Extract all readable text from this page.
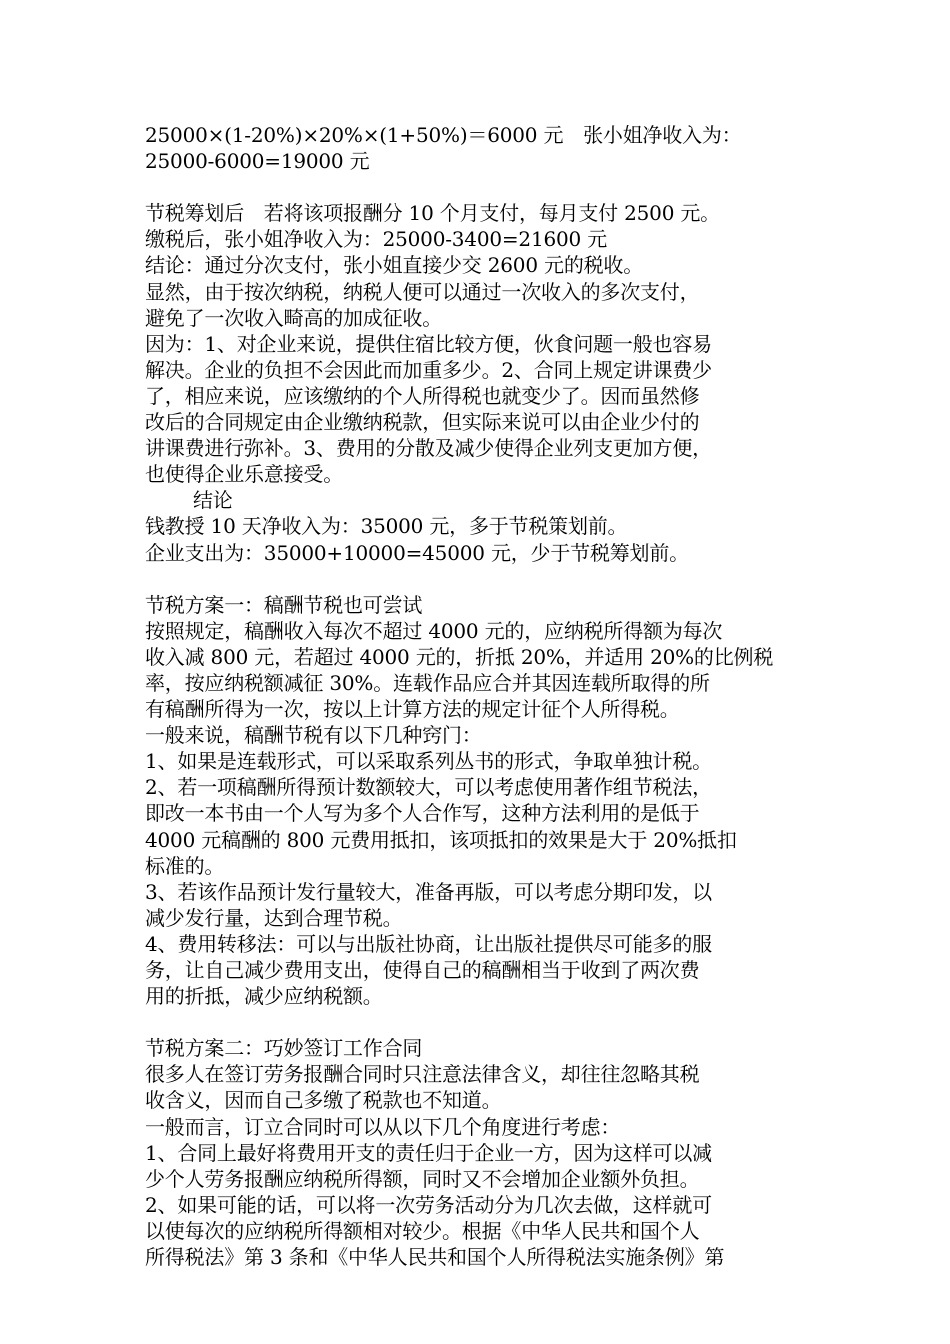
25000×(1-20%)×20%×(1+50%)＝6000 元　张小姐净收入为：
25000-6000=19000 元
节税筹划后　若将该项报酬分 10 个月支付，每月支付 2500 元。
缴税后，张小姐净收入为：25000-3400=21600 元
结论：通过分次支付，张小姐直接少交 2600 元的税收。
显然，由于按次纳税，纳税人便可以通过一次收入的多次支付，
避免了一次收入畸高的加成征收。
因为：1、对企业来说，提供住宿比较方便，伙食问题一般也容易
解决。企业的负担不会因此而加重多少。2、合同上规定讲课费少
了，相应来说，应该缴纳的个人所得税也就变少了。因而虽然修
改后的合同规定由企业缴纳税款，但实际来说可以由企业少付的
讲课费进行弥补。3、费用的分散及减少使得企业列支更加方便，
也使得企业乐意接受。
结论
钱教授 10 天净收入为：35000 元，多于节税策划前。
企业支出为：35000+10000=45000 元，少于节税筹划前。
节税方案一：稿酬节税也可尝试
按照规定，稿酬收入每次不超过 4000 元的，应纳税所得额为每次
收入减 800 元，若超过 4000 元的，折抵 20%，并适用 20%的比例税
率，按应纳税额减征 30%。连载作品应合并其因连载所取得的所
有稿酬所得为一次，按以上计算方法的规定计征个人所得税。
一般来说，稿酬节税有以下几种窍门：
1、如果是连载形式，可以采取系列丛书的形式，争取单独计税。
2、若一项稿酬所得预计数额较大，可以考虑使用著作组节税法，
即改一本书由一个人写为多个人合作写，这种方法利用的是低于
4000 元稿酬的 800 元费用抵扣，该项抵扣的效果是大于 20%抵扣
标准的。
3、若该作品预计发行量较大，准备再版，可以考虑分期印发，以
减少发行量，达到合理节税。
4、费用转移法：可以与出版社协商，让出版社提供尽可能多的服
务，让自己减少费用支出，使得自己的稿酬相当于收到了两次费
用的折抵，减少应纳税额。
节税方案二：巧妙签订工作合同
很多人在签订劳务报酬合同时只注意法律含义，却往往忽略其税
收含义，因而自己多缴了税款也不知道。
一般而言，订立合同时可以从以下几个角度进行考虑：
1、合同上最好将费用开支的责任归于企业一方，因为这样可以减
少个人劳务报酬应纳税所得额，同时又不会增加企业额外负担。
2、如果可能的话，可以将一次劳务活动分为几次去做，这样就可
以使每次的应纳税所得额相对较少。根据《中华人民共和国个人
所得税法》第 3 条和《中华人民共和国个人所得税法实施条例》第
